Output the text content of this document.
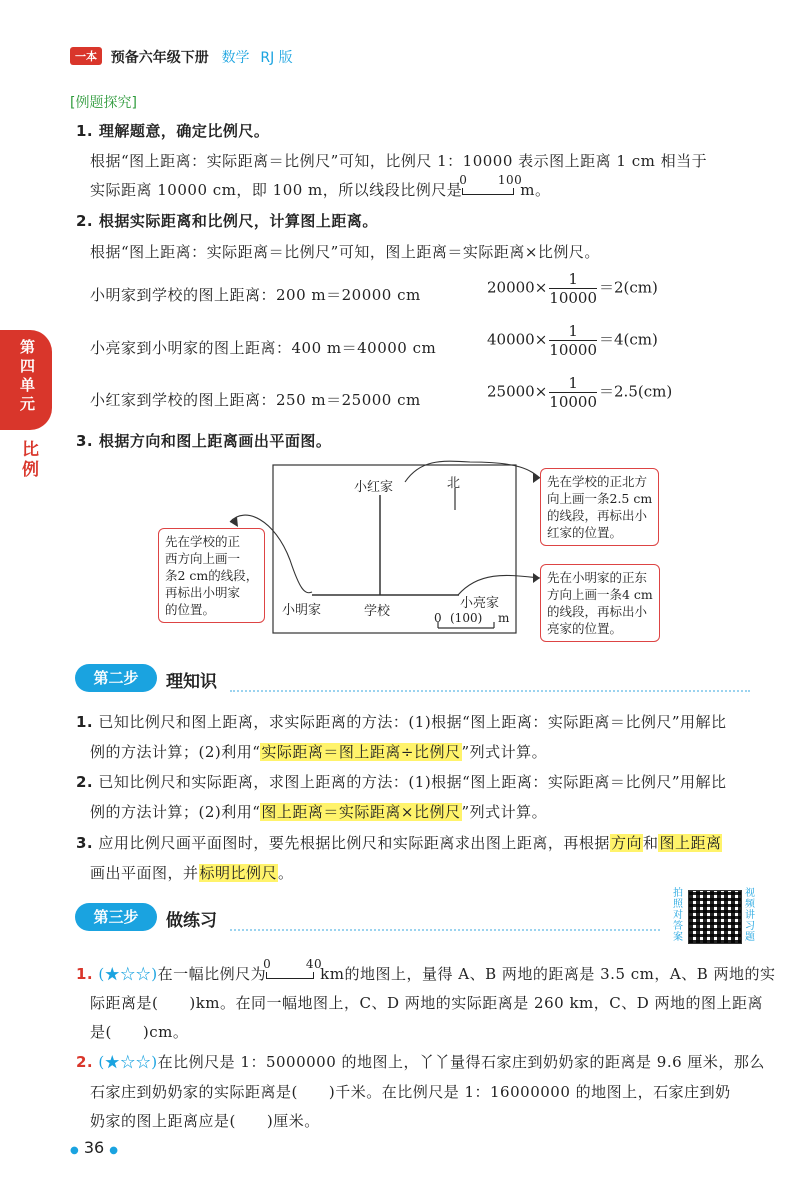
一本 预备六年级下册 数学 RJ 版
第四单元
比例
[例题探究]
1. 理解题意，确定比例尺。
根据“图上距离：实际距离＝比例尺”可知，比例尺 1：10000 表示图上距离 1 cm 相当于
实际距离 10000 cm，即 100 m，所以线段比例尺是
0	100
m。
2. 根据实际距离和比例尺，计算图上距离。
根据“图上距离：实际距离＝比例尺”可知，图上距离＝实际距离×比例尺。
小明家到学校的图上距离：200 m＝20000 cm	$20000\times \frac{1}{10000} =2(cm)$
小亮家到小明家的图上距离：400 m＝40000 cm	$40000\times \frac{1}{10000} =4(cm)$
小红家到学校的图上距离：250 m＝25000 cm	$25000\times \frac{1}{10000} =2.5(cm)$
3. 根据方向和图上距离画出平面图。
小红家	北
小明家	学校
小亮家
0 (100) m
先在学校的正
西方向上画一
条2 cm的线段，
再标出小明家
的位置。
先在学校的正北方
向上画一条2.5 cm
的线段，再标出小
红家的位置。
先在小明家的正东
方向上画一条4 cm
的线段，再标出小
亮家的位置。
第二步	理知识
1. 已知比例尺和图上距离，求实际距离的方法：(1)根据“图上距离：实际距离＝比例尺”用解比
例的方法计算；(2)利用“实际距离＝图上距离÷比例尺”列式计算。
2. 已知比例尺和实际距离，求图上距离的方法：(1)根据“图上距离：实际距离＝比例尺”用解比
例的方法计算；(2)利用“图上距离＝实际距离×比例尺”列式计算。
3. 应用比例尺画平面图时，要先根据比例尺和实际距离求出图上距离，再根据方向和图上距离
画出平面图，并标明比例尺。
第三步	做练习
拍照对答案
视频讲习题
1. (★☆☆)在一幅比例尺为
0	40
km的地图上，量得 A、B 两地的距离是 3.5 cm，A、B 两地的实
际距离是(　　)km。在同一幅地图上，C、D 两地的实际距离是 260 km，C、D 两地的图上距离
是(　　)cm。
2. (★☆☆)在比例尺是 1：5000000 的地图上，丫丫量得石家庄到奶奶家的距离是 9.6 厘米，那么
石家庄到奶奶家的实际距离是(　　)千米。在比例尺是 1：16000000 的地图上，石家庄到奶
奶家的图上距离应是(　　)厘米。
● 36 ●
